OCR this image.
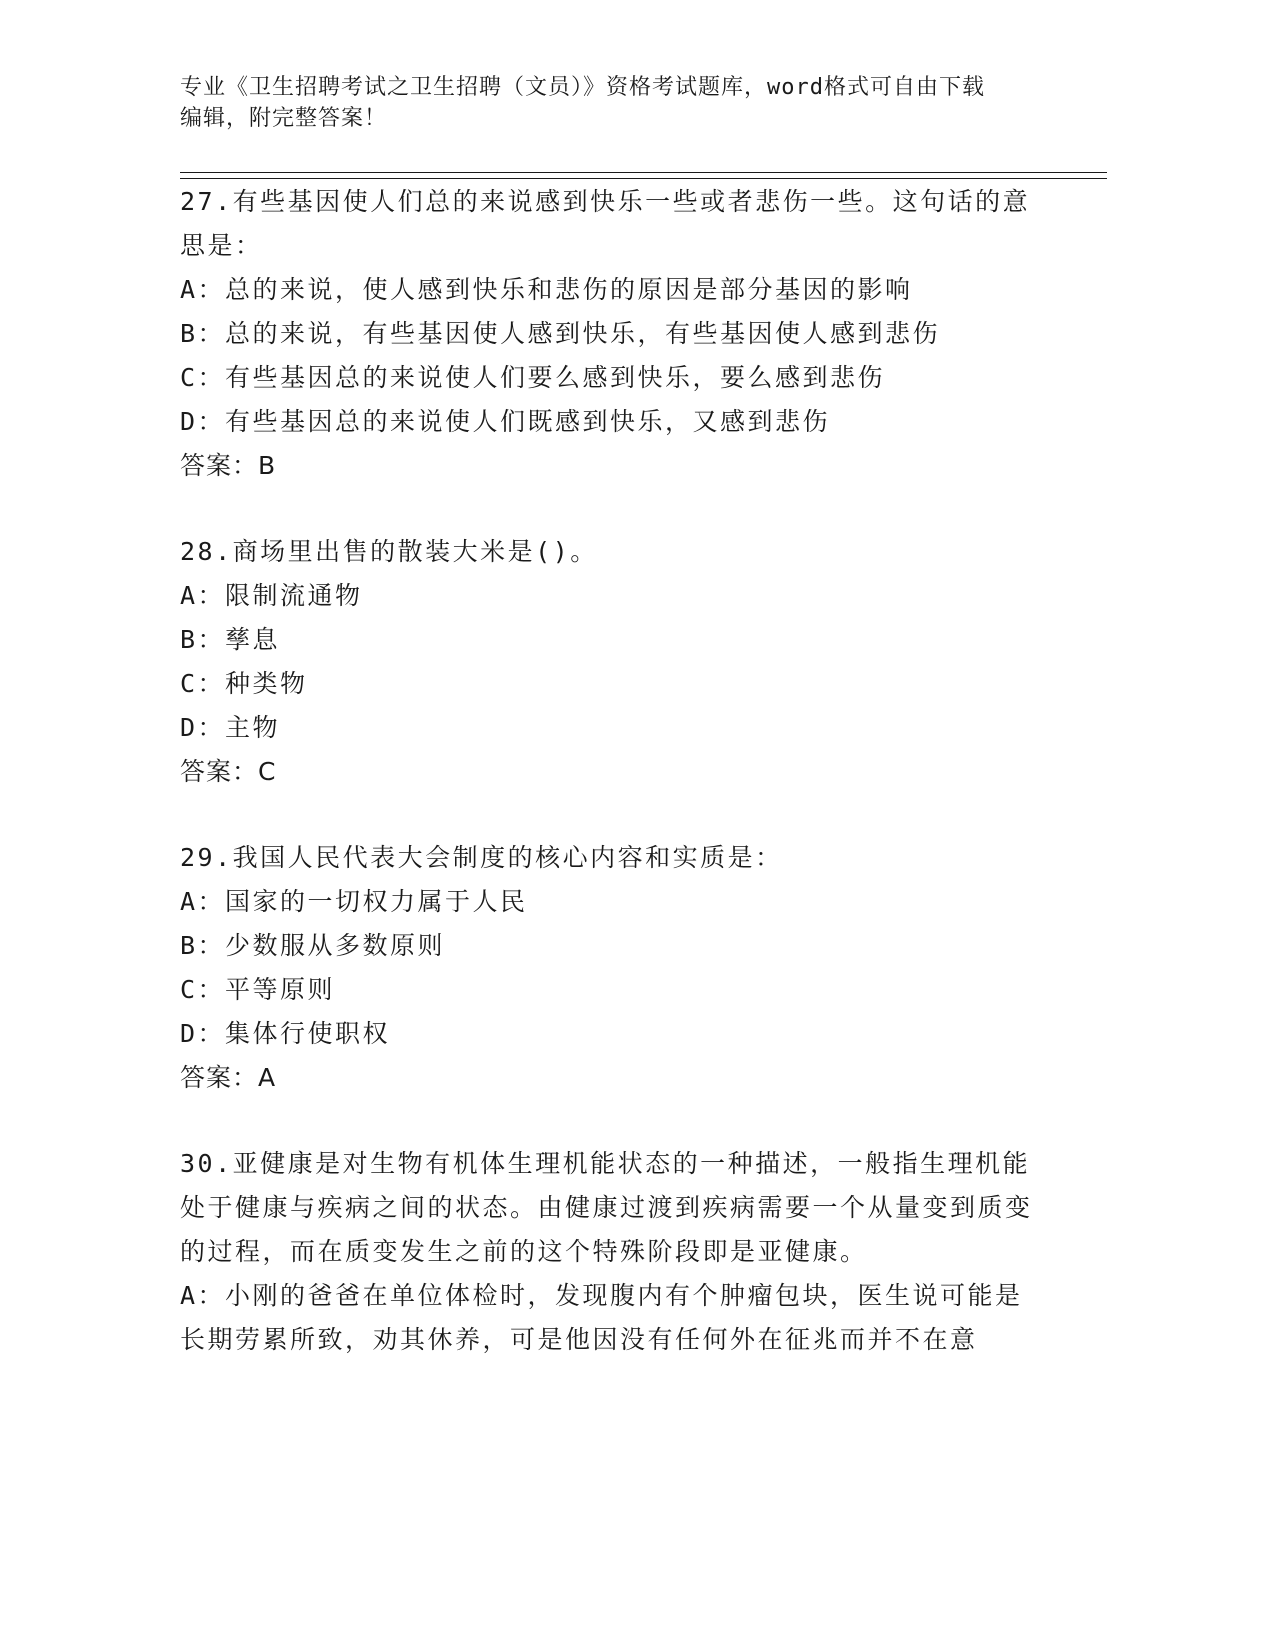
专业《卫生招聘考试之卫生招聘（文员）》资格考试题库，word格式可自由下载
编辑，附完整答案！
27.有些基因使人们总的来说感到快乐一些或者悲伤一些。这句话的意思是：
A：总的来说，使人感到快乐和悲伤的原因是部分基因的影响
B：总的来说，有些基因使人感到快乐，有些基因使人感到悲伤
C：有些基因总的来说使人们要么感到快乐，要么感到悲伤
D：有些基因总的来说使人们既感到快乐，又感到悲伤
答案：B
28.商场里出售的散装大米是()。
A：限制流通物
B：孳息
C：种类物
D：主物
答案：C
29.我国人民代表大会制度的核心内容和实质是：
A：国家的一切权力属于人民
B：少数服从多数原则
C：平等原则
D：集体行使职权
答案：A
30.亚健康是对生物有机体生理机能状态的一种描述，一般指生理机能处于健康与疾病之间的状态。由健康过渡到疾病需要一个从量变到质变的过程，而在质变发生之前的这个特殊阶段即是亚健康。
A：小刚的爸爸在单位体检时，发现腹内有个肿瘤包块，医生说可能是长期劳累所致，劝其休养，可是他因没有任何外在征兆而并不在意
